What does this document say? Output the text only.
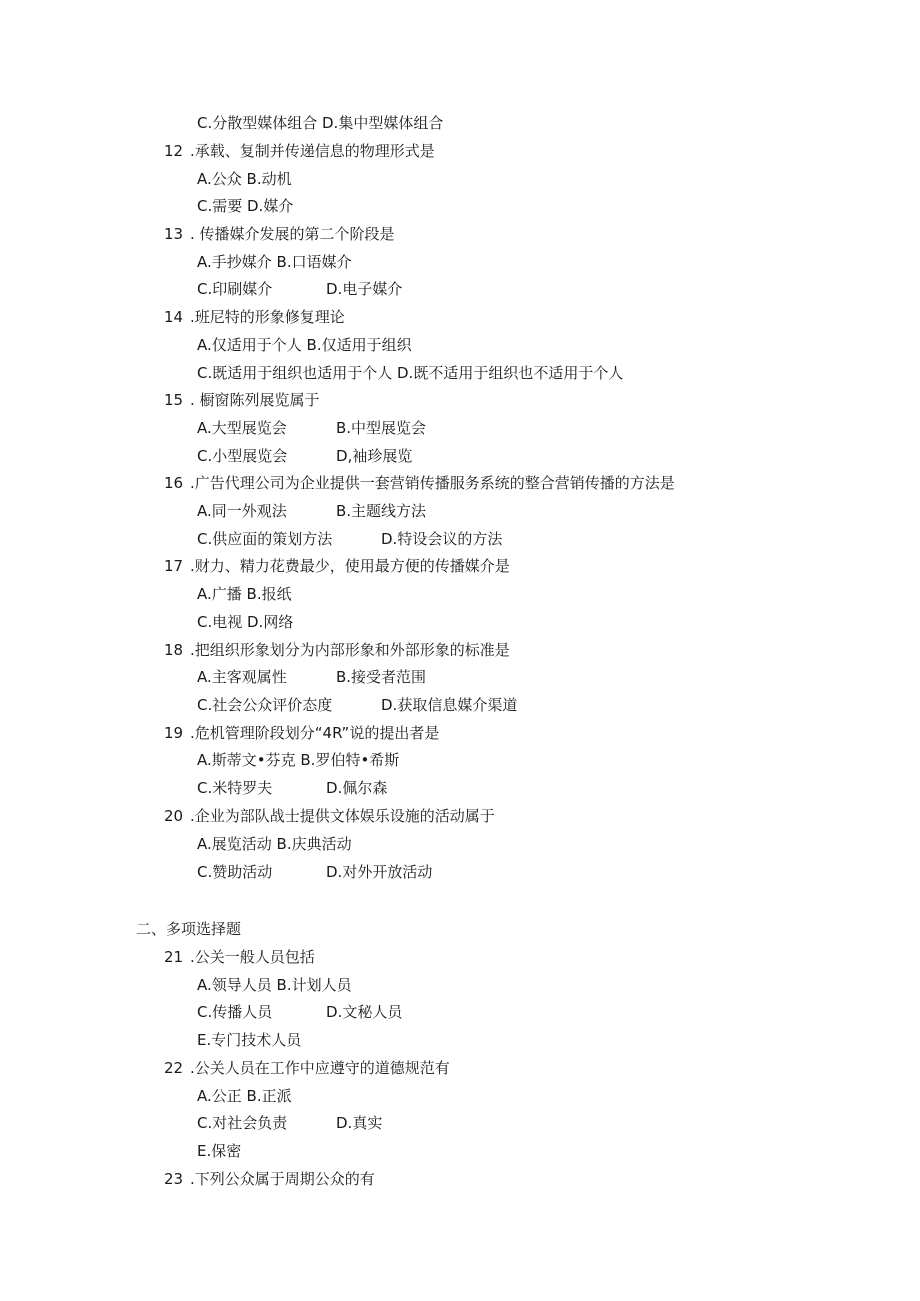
C.分散型媒体组合 D.集中型媒体组合
12 .承载、复制并传递信息的物理形式是
A.公众 B.动机
C.需要 D.媒介
13 . 传播媒介发展的第二个阶段是
A.手抄媒介 B.口语媒介
C.印刷媒介	D.电子媒介
14 .班尼特的形象修复理论
A.仅适用于个人 B.仅适用于组织
C.既适用于组织也适用于个人 D.既不适用于组织也不适用于个人
15 . 橱窗陈列展览属于
A.大型展览会	B.中型展览会
C.小型展览会	D,袖珍展览
16 .广告代理公司为企业提供一套营销传播服务系统的整合营销传播的方法是
A.同一外观法	B.主题线方法
C.供应面的策划方法	D.特设会议的方法
17 .财力、精力花费最少，使用最方便的传播媒介是
A.广播 B.报纸
C.电视 D.网络
18 .把组织形象划分为内部形象和外部形象的标准是
A.主客观属性	B.接受者范围
C.社会公众评价态度	D.获取信息媒介渠道
19 .危机管理阶段划分“4R”说的提出者是
A.斯蒂文•芬克 B.罗伯特•希斯
C.米特罗夫	D.佩尔森
20 .企业为部队战士提供文体娱乐设施的活动属于
A.展览活动 B.庆典活动
C.赞助活动	D.对外开放活动
二、多项选择题
21 .公关一般人员包括
A.领导人员 B.计划人员
C.传播人员	D.文秘人员
E.专门技术人员
22 .公关人员在工作中应遵守的道德规范有
A.公正 B.正派
C.对社会负责	D.真实
E.保密
23 .下列公众属于周期公众的有
